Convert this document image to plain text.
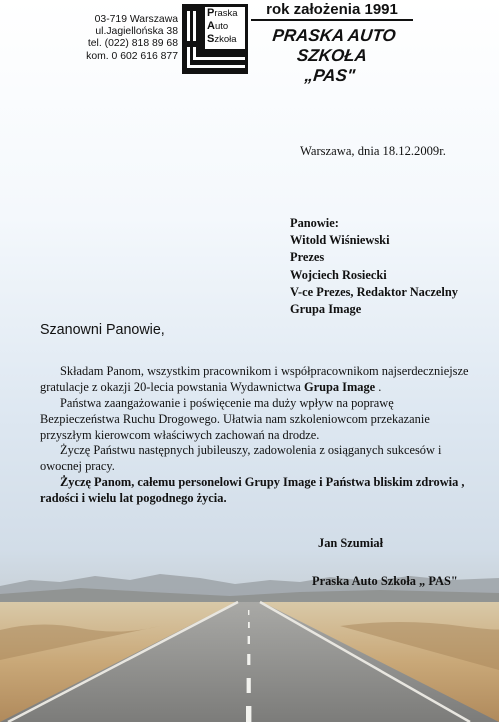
03-719 Warszawa
ul.Jagiellońska 38
tel. (022) 818 89 68
kom. 0 602 616 877
Praska
Auto
Szkoła
rok założenia 1991
PRASKA AUTO SZKOŁA
„PAS"
Warszawa, dnia 18.12.2009r.
Panowie:
Witold Wiśniewski
Prezes
Wojciech Rosiecki
V-ce Prezes, Redaktor Naczelny
Grupa Image
Szanowni Panowie,
Składam Panom, wszystkim pracownikom i współpracownikom najserdeczniejsze
gratulacje z okazji 20-lecia powstania Wydawnictwa Grupa Image .
Państwa zaangażowanie i poświęcenie ma duży wpływ na poprawę
Bezpieczeństwa Ruchu Drogowego. Ułatwia nam szkoleniowcom przekazanie
przyszłym kierowcom właściwych zachowań na drodze.
Życzę Państwu następnych jubileuszy, zadowolenia z osiąganych sukcesów i
owocnej pracy.
Życzę Panom, całemu personelowi Grupy Image i Państwa bliskim zdrowia ,
radości i wielu lat pogodnego życia.
Jan Szumiał
Praska Auto Szkoła „ PAS"
